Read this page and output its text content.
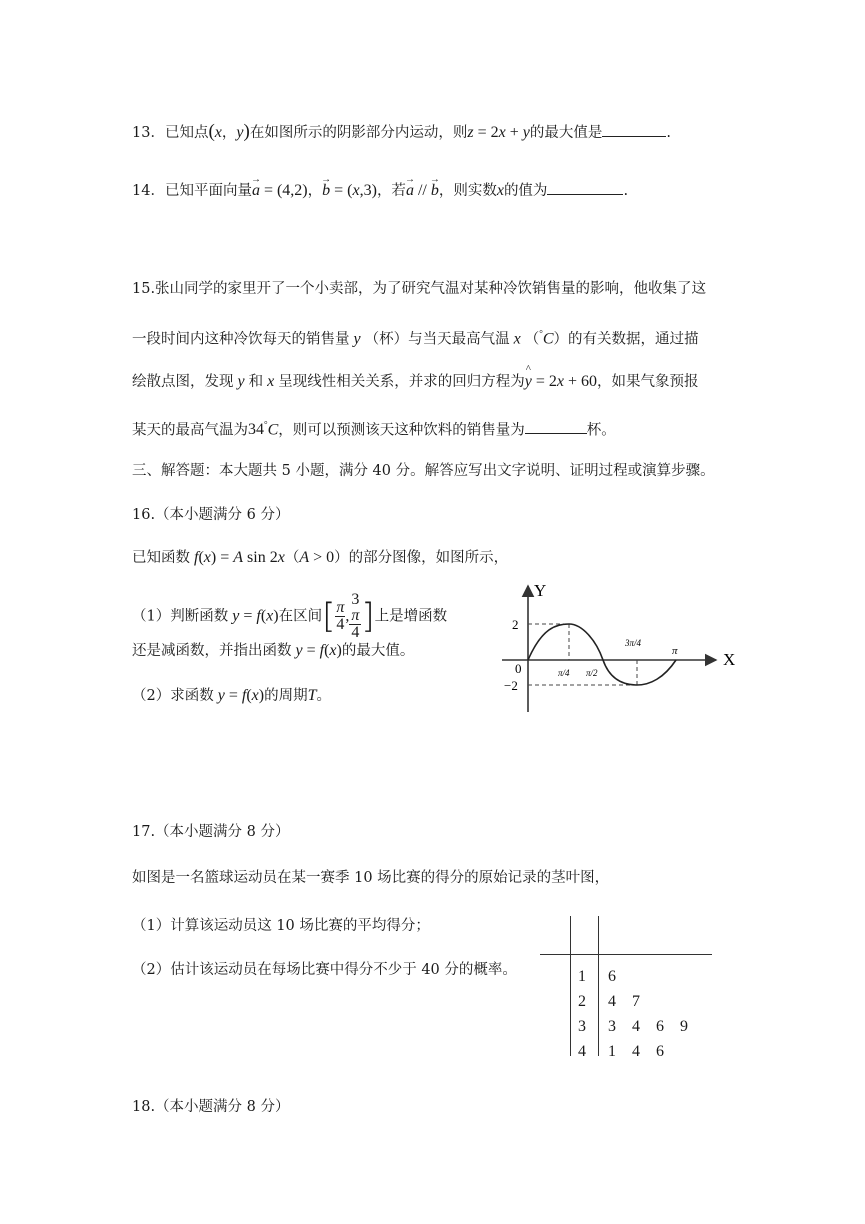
13．已知点(x，y)在如图所示的阴影部分内运动，则z = 2x + y的最大值是	.
14．已知平面向量→ a = (4,2)，→ b = (x,3)，若→ a // → b，则实数x的值为	.
15.张山同学的家里开了一个小卖部，为了研究气温对某种冷饮销售量的影响，他收集了这
一段时间内这种冷饮每天的销售量 y （杯）与当天最高气温 x （°C）的有关数据，通过描
绘散点图，发现 y 和 x 呈现线性相关关系，并求的回归方程为^ y = 2x + 60，如果气象预报
某天的最高气温为34°C，则可以预测该天这种饮料的销售量为	杯。
三、解答题：本大题共 5 小题，满分 40 分。解答应写出文字说明、证明过程或演算步骤。
16.（本小题满分 6 分）
已知函数 f(x) = A sin 2x（A > 0）的部分图像，如图所示，
（1）判断函数 y = f(x)在区间[ $\frac{\pi}{4}$ , 3
π
4 ]上是增函数
还是减函数，并指出函数 y = f(x)的最大值。
（2）求函数 y = f(x)的周期T。
Y
X
0
2
−2
π/4 π/2
3π/4
π
17.（本小题满分 8 分）
如图是一名篮球运动员在某一赛季 10 场比赛的得分的原始记录的茎叶图，
（1）计算该运动员这 10 场比赛的平均得分；
（2）估计该运动员在每场比赛中得分不少于 40 分的概率。	1 6
2 4 7
3 3 4 6 9
4 1 4 6
18.（本小题满分 8 分）
